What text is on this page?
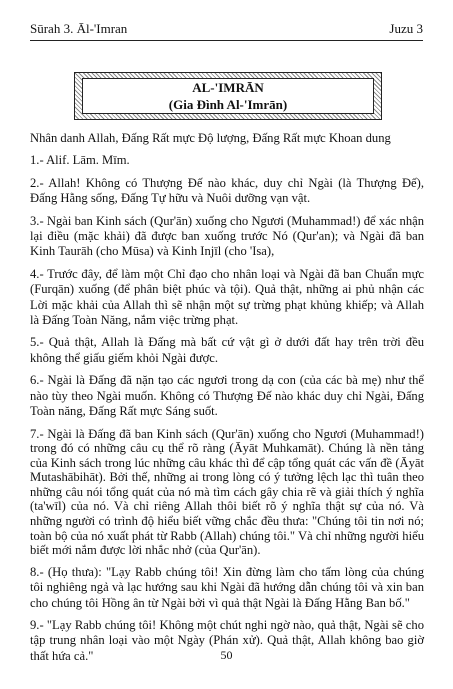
Sūrah 3. Āl-'Imran	Juzu 3
AL-'IMRĀN
(Gia Đình Al-'Imrān)

Nhân danh Allah, Đấng Rất mực Độ lượng, Đấng Rất mực Khoan dung

1.- Alif. Lām. Mīm.

2.- Allah! Không có Thượng Đế nào khác, duy chỉ Ngài (là Thượng Đế), Đấng Hằng sống, Đấng Tự hữu và Nuôi dưỡng vạn vật.

3.- Ngài ban Kinh sách (Qur'ān) xuống cho Ngươi (Muhammad!) để xác nhận lại điều (mặc khải) đã được ban xuống trước Nó (Qur'an); và Ngài đã ban Kinh Taurāh (cho Mūsa) và Kinh Injīl (cho 'Isa),

4.- Trước đây, để làm một Chỉ đạo cho nhân loại và Ngài đã ban Chuẩn mực (Furqān) xuống (để phân biệt phúc và tội). Quả thật, những ai phủ nhận các Lời mặc khải của Allah thì sẽ nhận một sự trừng phạt khủng khiếp; và Allah là Đấng Toàn Năng, nắm việc trừng phạt.

5.- Quả thật, Allah là Đấng mà bất cứ vật gì ở dưới đất hay trên trời đều không thể giấu giếm khỏi Ngài được.

6.- Ngài là Đấng đã nặn tạo các ngươi trong dạ con (của các bà mẹ) như thể nào tùy theo Ngài muốn. Không có Thượng Đế nào khác duy chỉ Ngài, Đấng Toàn năng, Đấng Rất mực Sáng suốt.

7.- Ngài là Đấng đã ban Kinh sách (Qur'ān) xuống cho Ngươi (Muhammad!) trong đó có những câu cụ thể rõ ràng (Āyāt Muhkamāt). Chúng là nền tảng của Kinh sách trong lúc những câu khác thì để cập tổng quát các vấn đề (Āyāt Mutashābihāt). Bởi thế, những ai trong lòng có ý tưởng lệch lạc thì tuân theo những câu nói tổng quát của nó mà tìm cách gây chia rẽ và giải thích ý nghĩa (ta'wīl) của nó. Và chỉ riêng Allah thôi biết rõ ý nghĩa thật sự của nó. Và những người có trình độ hiểu biết vững chắc đều thưa: "Chúng tôi tin nơi nó; toàn bộ của nó xuất phát từ Rabb (Allah) chúng tôi." Và chỉ những người hiểu biết mới nắm được lời nhắc nhở (của Qur'ān).

8.- (Họ thưa): "Lạy Rabb chúng tôi! Xin đừng làm cho tấm lòng của chúng tôi nghiêng ngả và lạc hướng sau khi Ngài đã hướng dẫn chúng tôi và xin ban cho chúng tôi Hồng ân từ Ngài bởi vì quả thật Ngài là Đấng Hằng Ban bố."

9.- "Lạy Rabb chúng tôi! Không một chút nghi ngờ nào, quả thật, Ngài sẽ cho tập trung nhân loại vào một Ngày (Phán xử). Quả thật, Allah không bao giờ thất hứa cả."	50
